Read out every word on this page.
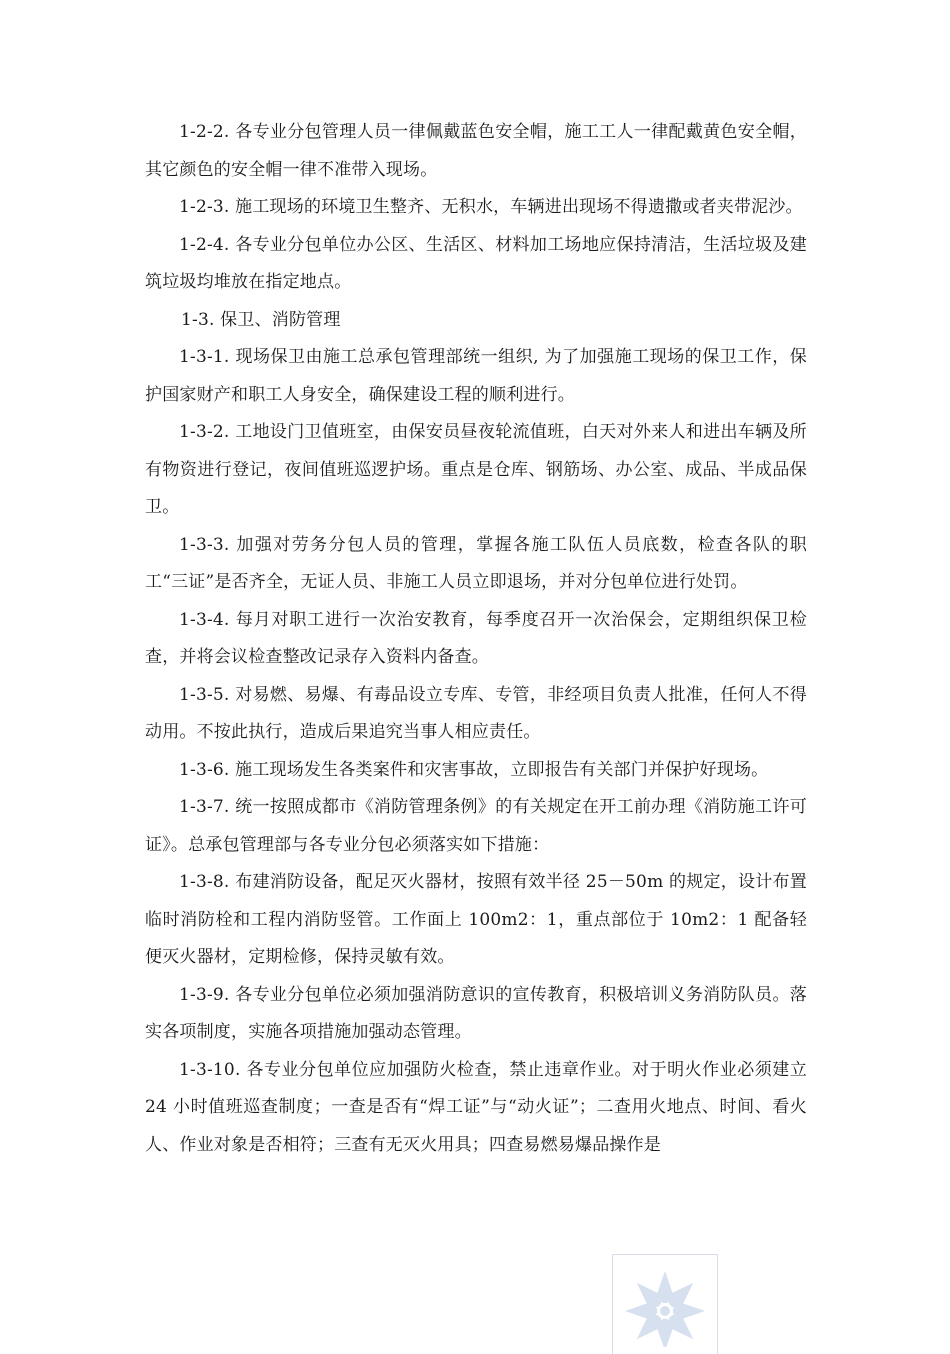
1-2-2. 各专业分包管理人员一律佩戴蓝色安全帽，施工工人一律配戴黄色安全帽，其它颜色的安全帽一律不准带入现场。

1-2-3. 施工现场的环境卫生整齐、无积水，车辆进出现场不得遗撒或者夹带泥沙。

1-2-4. 各专业分包单位办公区、生活区、材料加工场地应保持清洁，生活垃圾及建筑垃圾均堆放在指定地点。

1-3. 保卫、消防管理

1-3-1. 现场保卫由施工总承包管理部统一组织, 为了加强施工现场的保卫工作，保护国家财产和职工人身安全，确保建设工程的顺利进行。

1-3-2. 工地设门卫值班室，由保安员昼夜轮流值班，白天对外来人和进出车辆及所有物资进行登记，夜间值班巡逻护场。重点是仓库、钢筋场、办公室、成品、半成品保卫。

1-3-3. 加强对劳务分包人员的管理，掌握各施工队伍人员底数，检查各队的职工“三证”是否齐全，无证人员、非施工人员立即退场，并对分包单位进行处罚。

1-3-4. 每月对职工进行一次治安教育，每季度召开一次治保会，定期组织保卫检查，并将会议检查整改记录存入资料内备查。

1-3-5. 对易燃、易爆、有毒品设立专库、专管，非经项目负责人批准，任何人不得动用。不按此执行，造成后果追究当事人相应责任。

1-3-6. 施工现场发生各类案件和灾害事故，立即报告有关部门并保护好现场。

1-3-7. 统一按照成都市《消防管理条例》的有关规定在开工前办理《消防施工许可证》。总承包管理部与各专业分包必须落实如下措施：

1-3-8. 布建消防设备，配足灭火器材，按照有效半径 25－50m 的规定，设计布置临时消防栓和工程内消防竖管。工作面上 100m2：1，重点部位于 10m2：1 配备轻便灭火器材，定期检修，保持灵敏有效。

1-3-9. 各专业分包单位必须加强消防意识的宣传教育，积极培训义务消防队员。落实各项制度，实施各项措施加强动态管理。

1-3-10. 各专业分包单位应加强防火检查，禁止违章作业。对于明火作业必须建立 24 小时值班巡查制度；一查是否有“焊工证”与“动火证”；二查用火地点、时间、看火人、作业对象是否相符；三查有无灭火用具；四查易燃易爆品操作是
